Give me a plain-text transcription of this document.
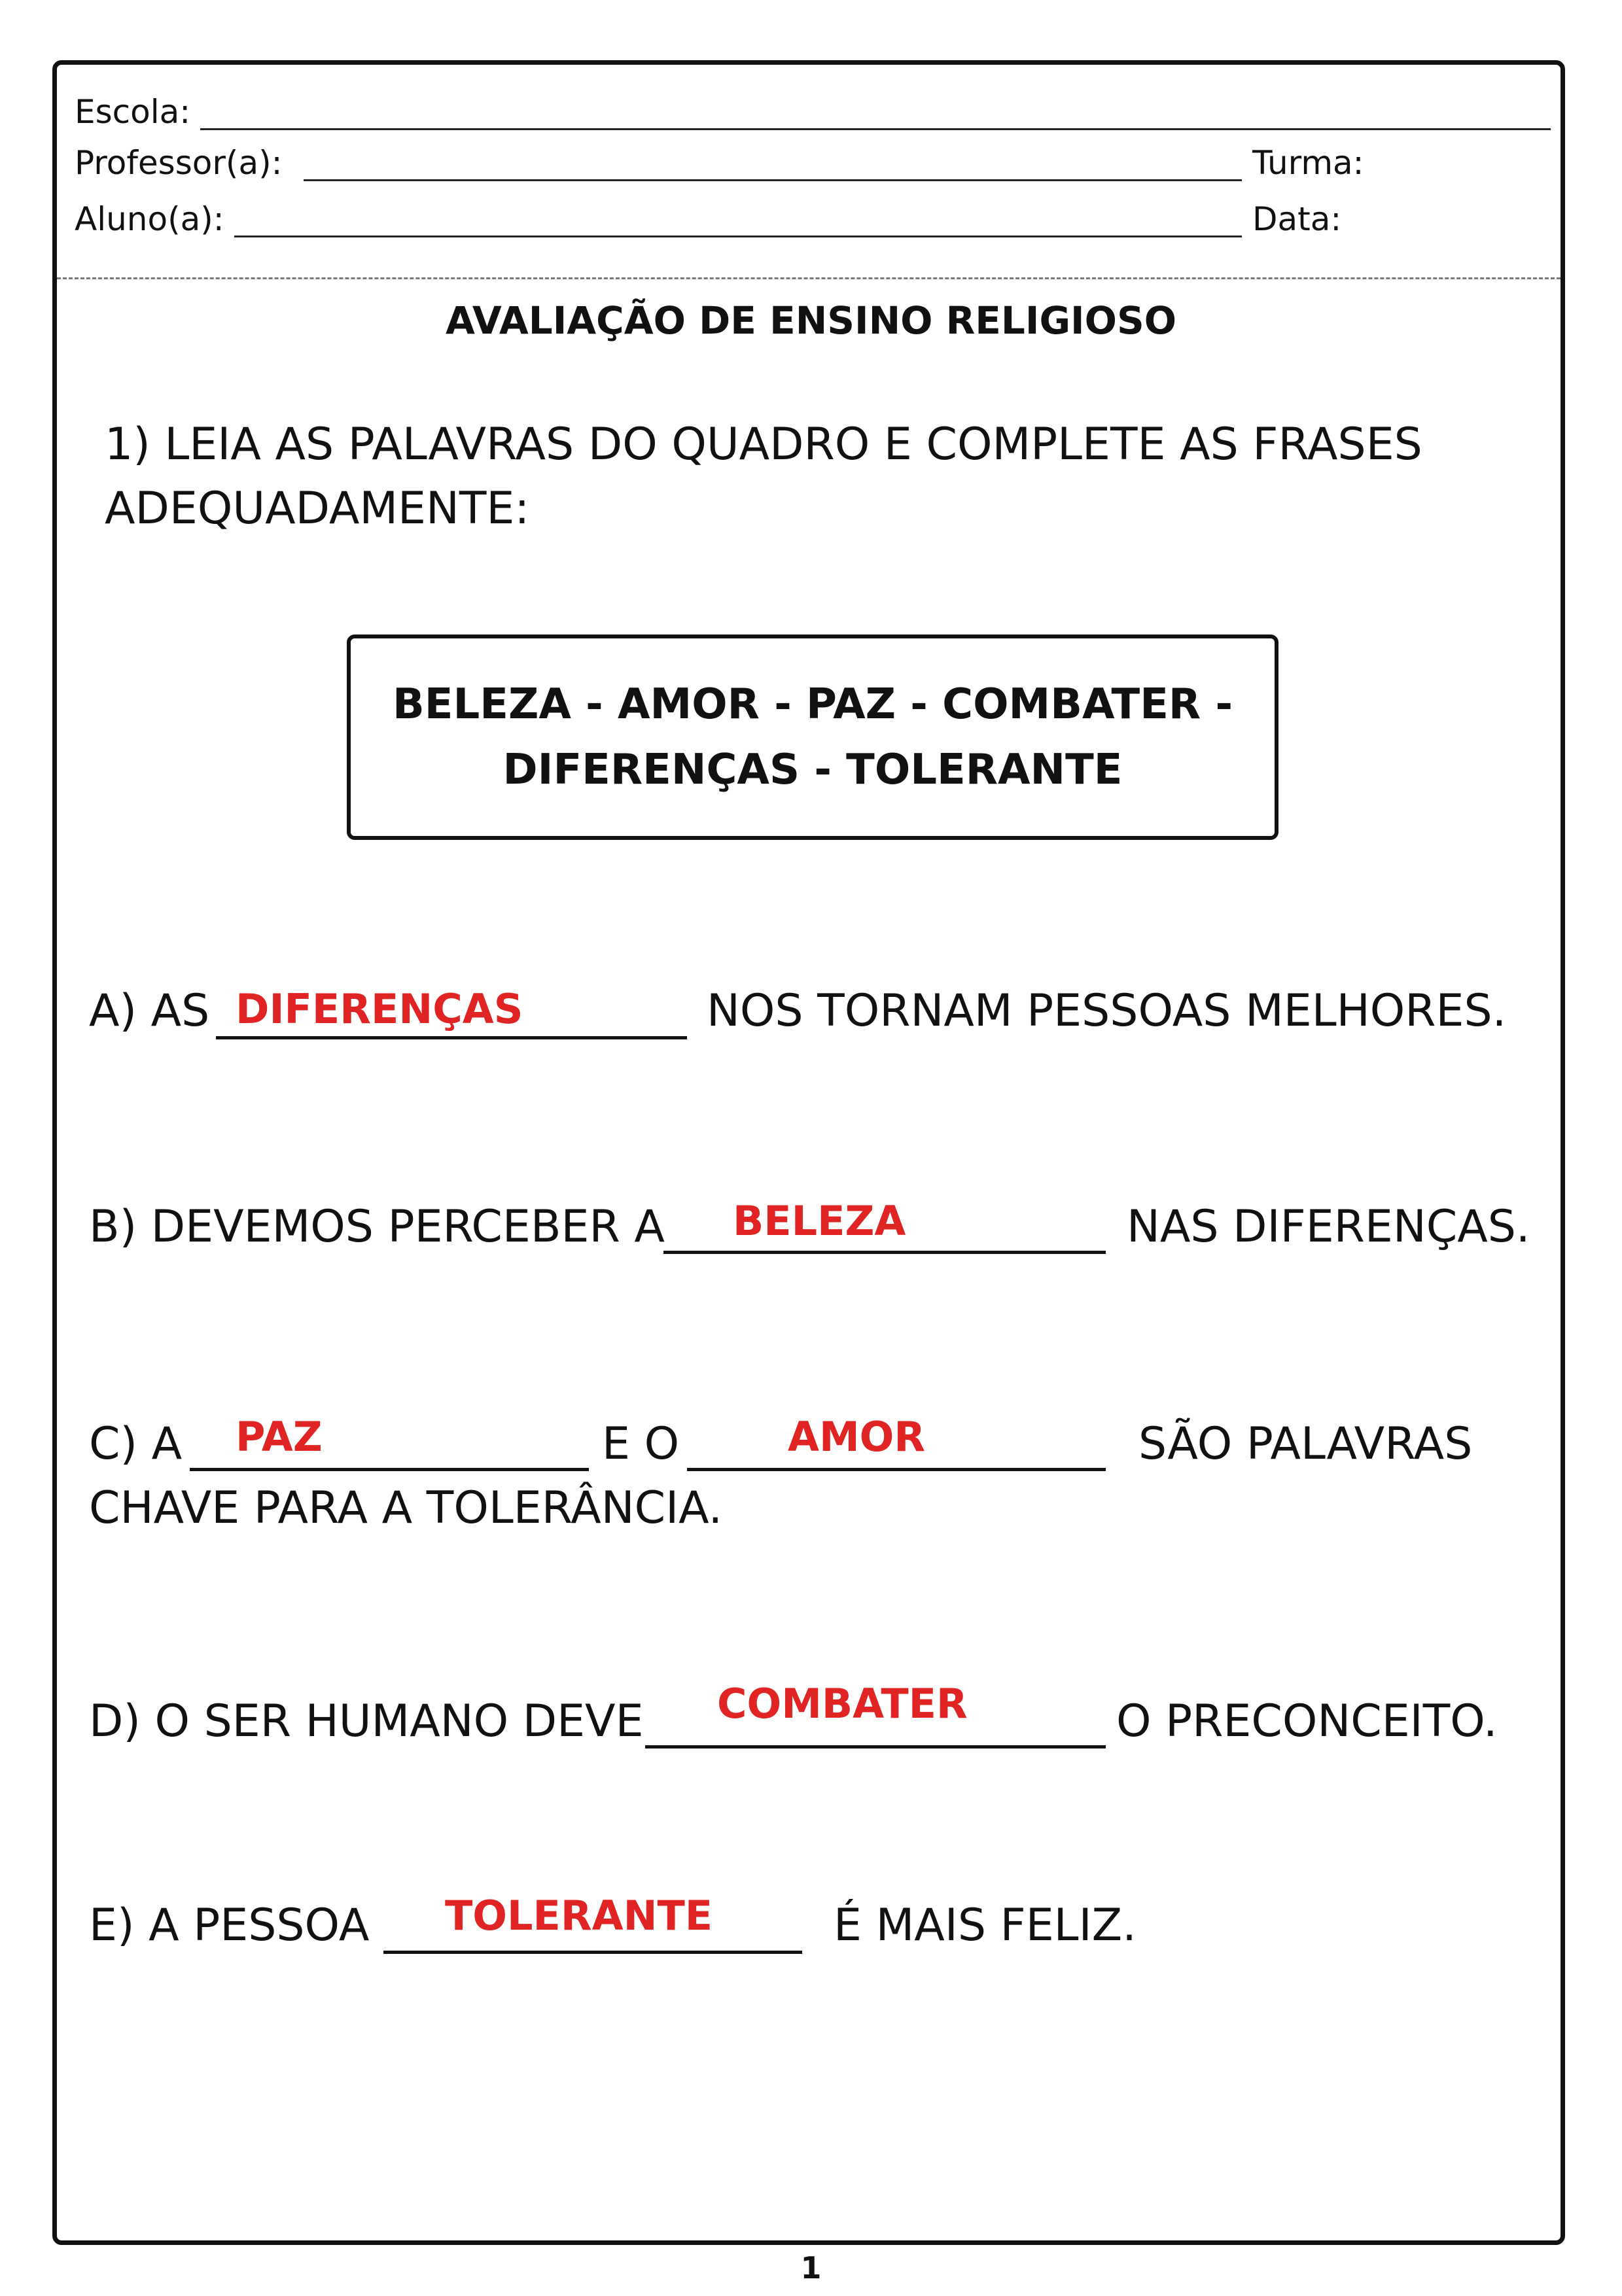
Escola:
Professor(a):	Turma:
Aluno(a):	Data:
AVALIAÇÃO DE ENSINO RELIGIOSO
1) LEIA AS PALAVRAS DO QUADRO E COMPLETE AS FRASES
ADEQUADAMENTE:
BELEZA - AMOR - PAZ - COMBATER -
DIFERENÇAS - TOLERANTE
A) AS DIFERENÇAS	NOS TORNAM PESSOAS MELHORES.
B) DEVEMOS PERCEBER A BELEZA	NAS DIFERENÇAS.
C) A PAZ	E O	AMOR	SÃO PALAVRAS
CHAVE PARA A TOLERÂNCIA.
D) O SER HUMANO DEVE COMBATER	O PRECONCEITO.
E) A PESSOA TOLERANTE	É MAIS FELIZ.
1
